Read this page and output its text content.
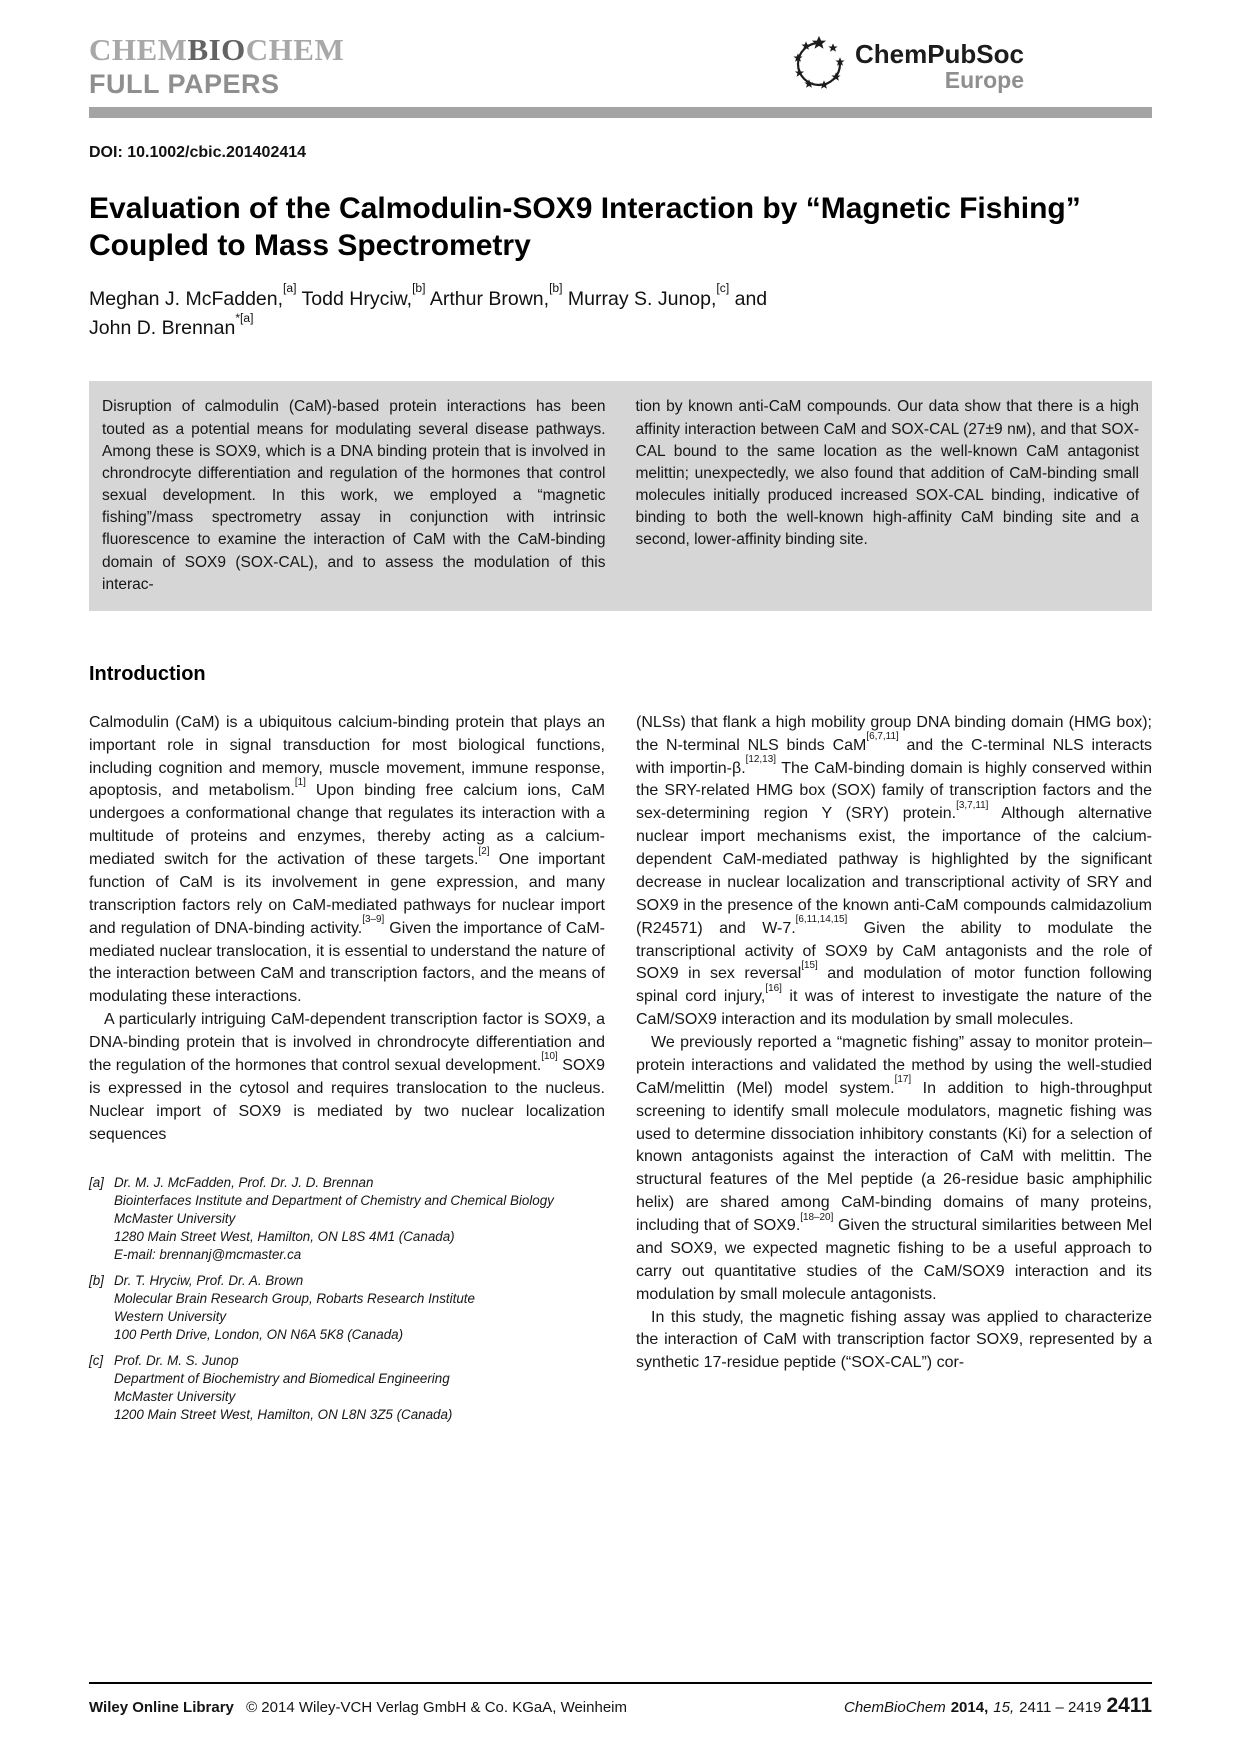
CHEMBIOCHEM
FULL PAPERS
ChemPubSoc
Europe
DOI: 10.1002/cbic.201402414
Evaluation of the Calmodulin-SOX9 Interaction by “Magnetic Fishing” Coupled to Mass Spectrometry
Meghan J. McFadden,[a] Todd Hryciw,[b] Arthur Brown,[b] Murray S. Junop,[c] and
John D. Brennan$^{*[a]}$
Disruption of calmodulin (CaM)-based protein interactions has been touted as a potential means for modulating several disease pathways. Among these is SOX9, which is a DNA binding protein that is involved in chrondrocyte differentiation and regulation of the hormones that control sexual development. In this work, we employed a “magnetic fishing”/mass spectrometry assay in conjunction with intrinsic fluorescence to examine the interaction of CaM with the CaM-binding domain of SOX9 (SOX-CAL), and to assess the modulation of this interac-
tion by known anti-CaM compounds. Our data show that there is a high affinity interaction between CaM and SOX-CAL (27±9 nᴍ), and that SOX-CAL bound to the same location as the well-known CaM antagonist melittin; unexpectedly, we also found that addition of CaM-binding small molecules initially produced increased SOX-CAL binding, indicative of binding to both the well-known high-affinity CaM binding site and a second, lower-affinity binding site.
Introduction

Calmodulin (CaM) is a ubiquitous calcium-binding protein that plays an important role in signal transduction for most biological functions, including cognition and memory, muscle movement, immune response, apoptosis, and metabolism.[1] Upon binding free calcium ions, CaM undergoes a conformational change that regulates its interaction with a multitude of proteins and enzymes, thereby acting as a calcium-mediated switch for the activation of these targets.[2] One important function of CaM is its involvement in gene expression, and many transcription factors rely on CaM-mediated pathways for nuclear import and regulation of DNA-binding activity.[3–9] Given the importance of CaM-mediated nuclear translocation, it is essential to understand the nature of the interaction between CaM and transcription factors, and the means of modulating these interactions.

A particularly intriguing CaM-dependent transcription factor is SOX9, a DNA-binding protein that is involved in chrondrocyte differentiation and the regulation of the hormones that control sexual development.[10] SOX9 is expressed in the cytosol and requires translocation to the nucleus. Nuclear import of SOX9 is mediated by two nuclear localization sequences

[a] Dr. M. J. McFadden, Prof. Dr. J. D. Brennan
Biointerfaces Institute and Department of Chemistry and Chemical Biology
McMaster University
1280 Main Street West, Hamilton, ON L8S 4M1 (Canada)
E-mail: brennanj@mcmaster.ca
[b] Dr. T. Hryciw, Prof. Dr. A. Brown
Molecular Brain Research Group, Robarts Research Institute
Western University
100 Perth Drive, London, ON N6A 5K8 (Canada)
[c] Prof. Dr. M. S. Junop
Department of Biochemistry and Biomedical Engineering
McMaster University
1200 Main Street West, Hamilton, ON L8N 3Z5 (Canada)

(NLSs) that flank a high mobility group DNA binding domain (HMG box); the N-terminal NLS binds CaM[6,7,11] and the C-terminal NLS interacts with importin-β.[12,13] The CaM-binding domain is highly conserved within the SRY-related HMG box (SOX) family of transcription factors and the sex-determining region Y (SRY) protein.[3,7,11] Although alternative nuclear import mechanisms exist, the importance of the calcium-dependent CaM-mediated pathway is highlighted by the significant decrease in nuclear localization and transcriptional activity of SRY and SOX9 in the presence of the known anti-CaM compounds calmidazolium (R24571) and W-7.[6,11,14,15] Given the ability to modulate the transcriptional activity of SOX9 by CaM antagonists and the role of SOX9 in sex reversal[15] and modulation of motor function following spinal cord injury,[16] it was of interest to investigate the nature of the CaM/SOX9 interaction and its modulation by small molecules.

We previously reported a “magnetic fishing” assay to monitor protein–protein interactions and validated the method by using the well-studied CaM/melittin (Mel) model system.[17] In addition to high-throughput screening to identify small molecule modulators, magnetic fishing was used to determine dissociation inhibitory constants (Ki) for a selection of known antagonists against the interaction of CaM with melittin. The structural features of the Mel peptide (a 26-residue basic amphiphilic helix) are shared among CaM-binding domains of many proteins, including that of SOX9.[18–20] Given the structural similarities between Mel and SOX9, we expected magnetic fishing to be a useful approach to carry out quantitative studies of the CaM/SOX9 interaction and its modulation by small molecule antagonists.

In this study, the magnetic fishing assay was applied to characterize the interaction of CaM with transcription factor SOX9, represented by a synthetic 17-residue peptide (“SOX-CAL”) cor-

Wiley Online Library © 2014 Wiley-VCH Verlag GmbH & Co. KGaA, Weinheim	ChemBioChem 2014, 15, 2411 – 2419 2411
